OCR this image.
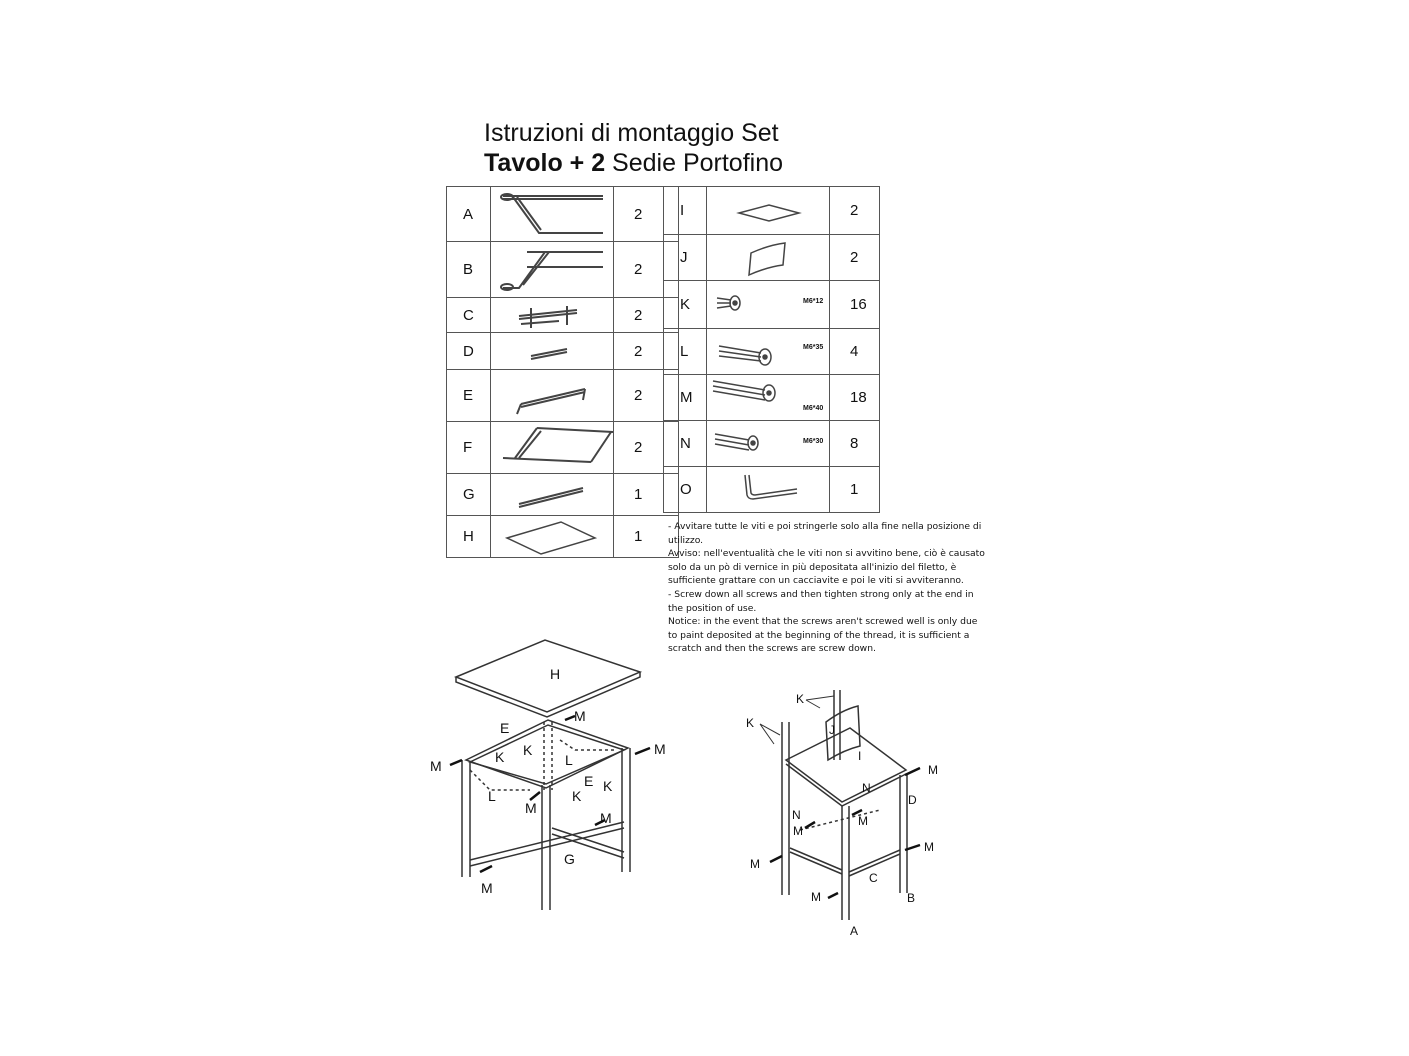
Istruzioni di montaggio Set
Tavolo + 2 Sedie Portofino
A		2
B		2
C		2
D		2
E		2
F		2
G		1
H		1
I		2
J		2
K	M6*12	16
L	M6*35	4
M	M6*40	18
N	M6*30	8
O		1
- Avvitare tutte le viti e poi stringerle solo alla fine nella posizione di utilizzo.
Avviso: nell'eventualità che le viti non si avvitino bene, ciò è causato solo da un pò di vernice in più depositata all'inizio del filetto, è sufficiente grattare con un cacciavite e poi le viti si avviteranno.
- Screw down all screws and then tighten strong only at the end in the position of use.
Notice: in the event that the screws aren't screwed well is only due to paint deposited at the beginning of the thread, it is sufficient a scratch and then the screws are screw down.
H
E
E
M
M
M
M
M
M
K K
K
K
L
L
G
K
K	J
I
N
N
D
M
M
M
M
M
M
C
B
A
